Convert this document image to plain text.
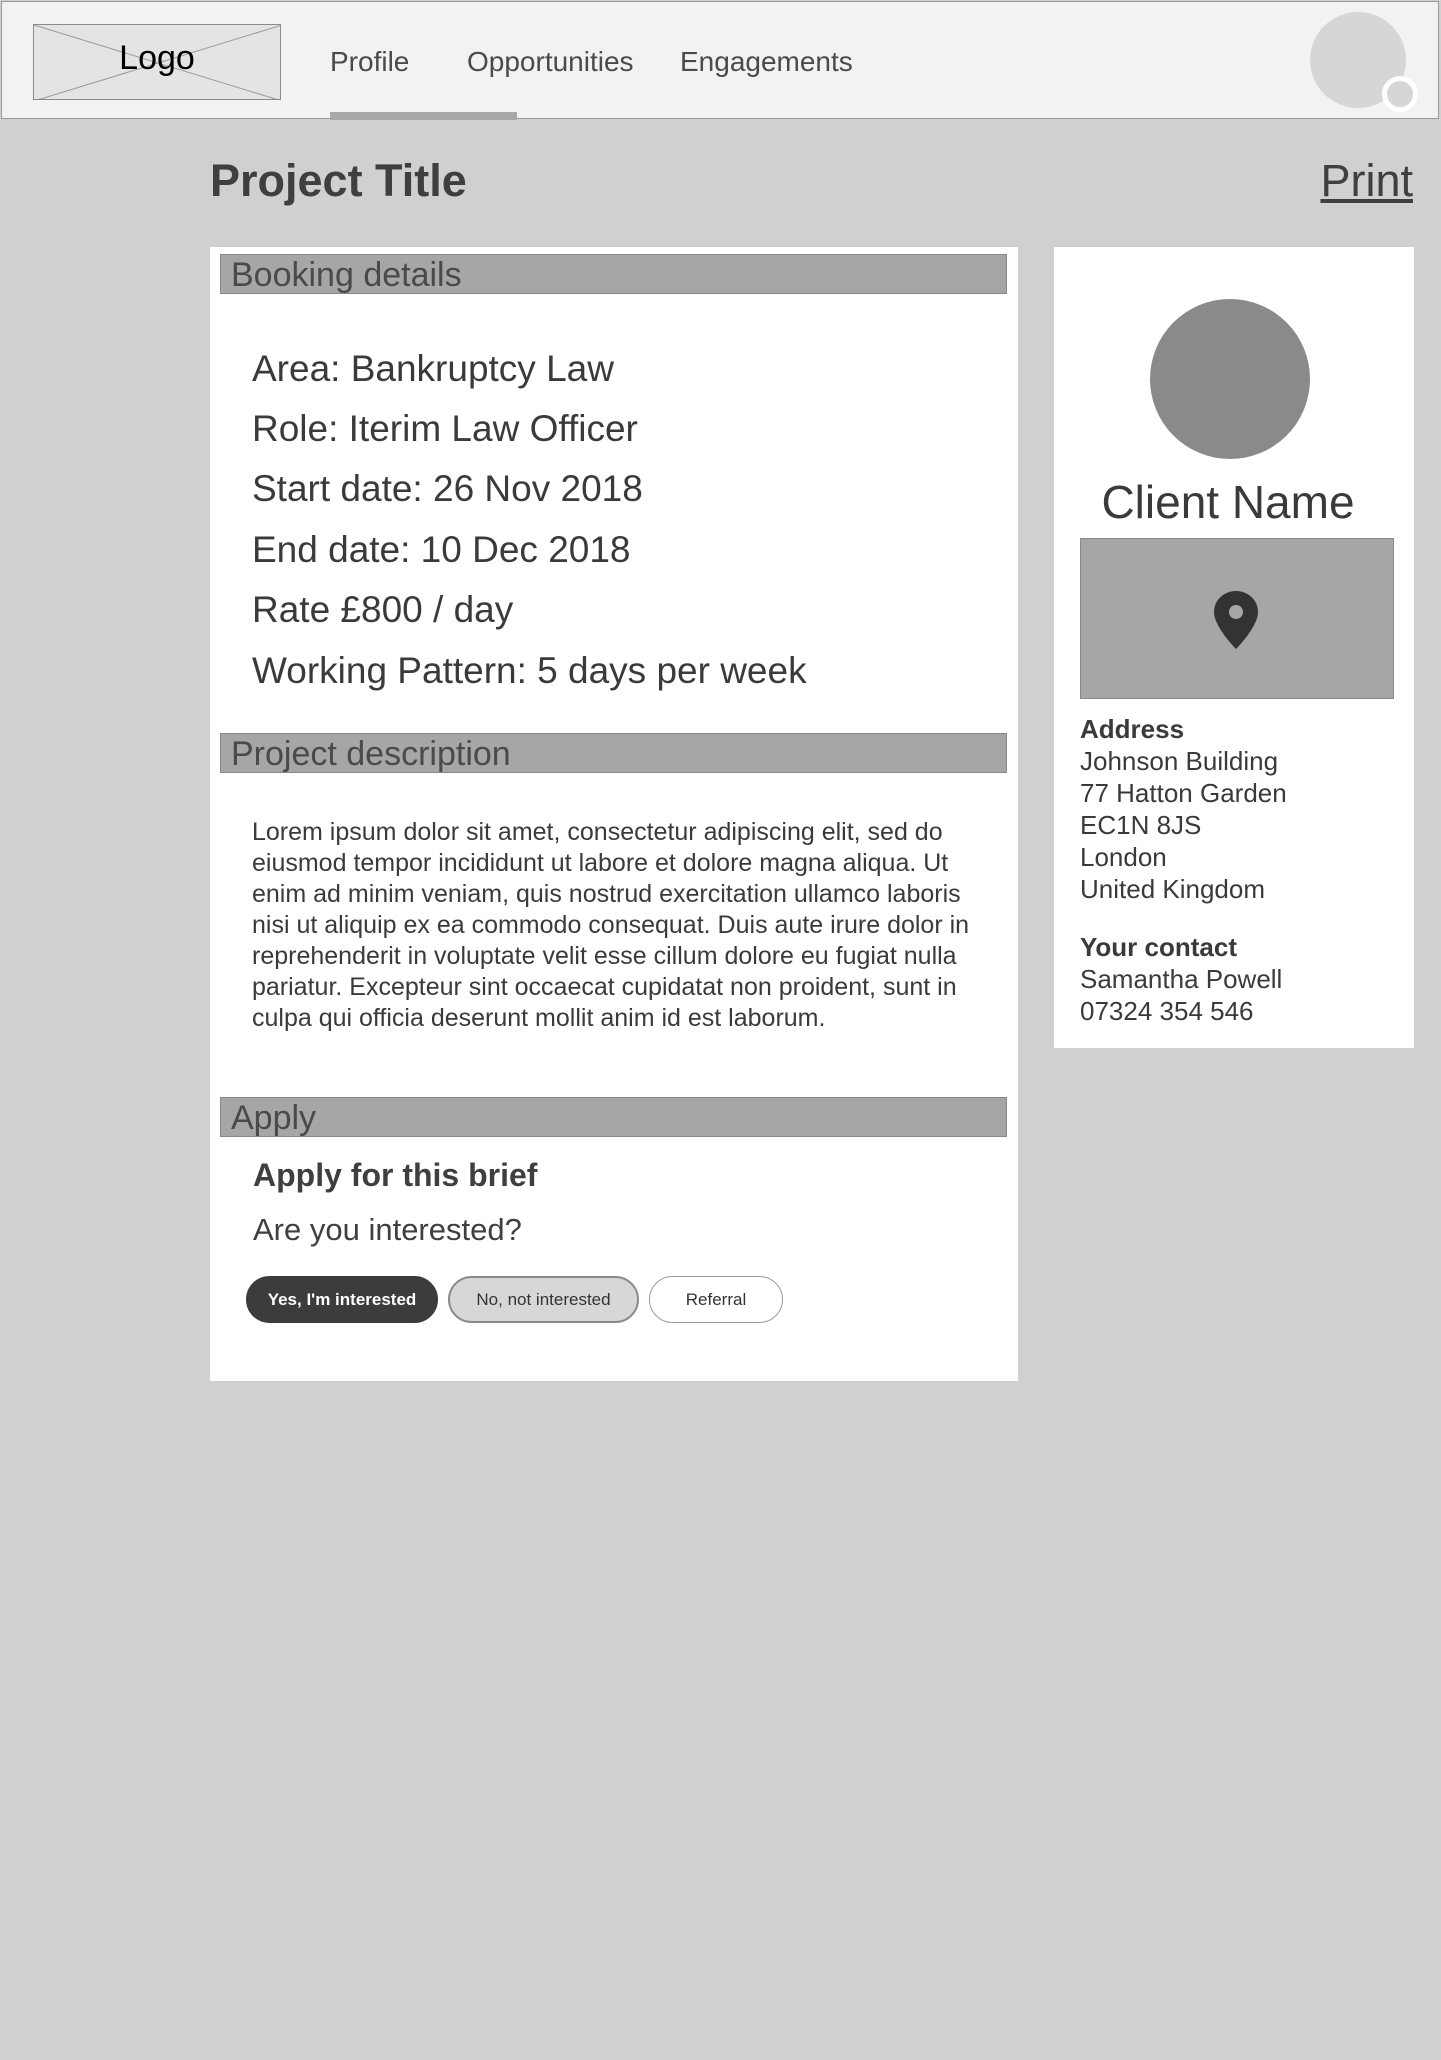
Logo	Profile Opportunities Engagements
Project Title	Print
Booking details
Area: Bankruptcy Law
Role: Iterim Law Officer
Start date: 26 Nov 2018
End date: 10 Dec 2018
Rate £800 / day
Working Pattern: 5 days per week
Project description
Lorem ipsum dolor sit amet, consectetur adipiscing elit, sed do eiusmod tempor incididunt ut labore et dolore magna aliqua. Ut enim ad minim veniam, quis nostrud exercitation ullamco laboris nisi ut aliquip ex ea commodo consequat. Duis aute irure dolor in reprehenderit in voluptate velit esse cillum dolore eu fugiat nulla pariatur. Excepteur sint occaecat cupidatat non proident, sunt in culpa qui officia deserunt mollit anim id est laborum.
Apply
Apply for this brief
Are you interested?
Yes, I'm interested	No, not interested	Referral
Client Name
Address
Johnson Building
77 Hatton Garden
EC1N 8JS
London
United Kingdom
Your contact
Samantha Powell
07324 354 546
